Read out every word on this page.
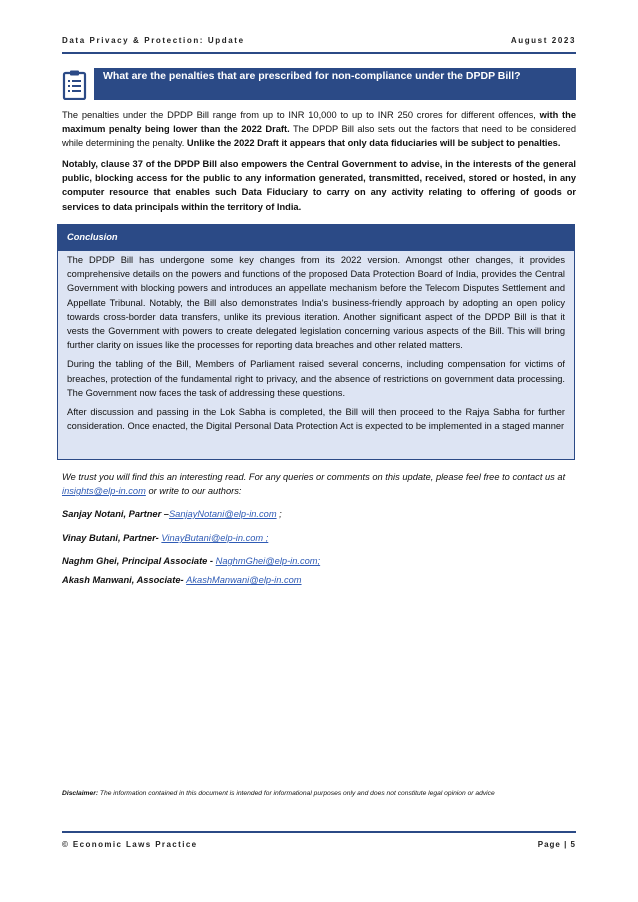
Data Privacy & Protection: Update	August 2023
What are the penalties that are prescribed for non-compliance under the DPDP Bill?
The penalties under the DPDP Bill range from up to INR 10,000 to up to INR 250 crores for different offences, with the maximum penalty being lower than the 2022 Draft. The DPDP Bill also sets out the factors that need to be considered while determining the penalty. Unlike the 2022 Draft it appears that only data fiduciaries will be subject to penalties.
Notably, clause 37 of the DPDP Bill also empowers the Central Government to advise, in the interests of the general public, blocking access for the public to any information generated, transmitted, received, stored or hosted, in any computer resource that enables such Data Fiduciary to carry on any activity relating to offering of goods or services to data principals within the territory of India.
Conclusion

The DPDP Bill has undergone some key changes from its 2022 version. Amongst other changes, it provides comprehensive details on the powers and functions of the proposed Data Protection Board of India, provides the Central Government with blocking powers and introduces an appellate mechanism before the Telecom Disputes Settlement and Appellate Tribunal. Notably, the Bill also demonstrates India's business-friendly approach by adopting an open policy towards cross-border data transfers, unlike its previous iteration. Another significant aspect of the DPDP Bill is that it vests the Government with powers to create delegated legislation concerning various aspects of the Bill. This will bring further clarity on issues like the processes for reporting data breaches and other related matters.

During the tabling of the Bill, Members of Parliament raised several concerns, including compensation for victims of breaches, protection of the fundamental right to privacy, and the absence of restrictions on government data processing. The Government now faces the task of addressing these questions.

After discussion and passing in the Lok Sabha is completed, the Bill will then proceed to the Rajya Sabha for further consideration. Once enacted, the Digital Personal Data Protection Act is expected to be implemented in a staged manner

We trust you will find this an interesting read. For any queries or comments on this update, please feel free to contact us at insights@elp-in.com or write to our authors:
Sanjay Notani, Partner –SanjayNotani@elp-in.com ;
Vinay Butani, Partner- VinayButani@elp-in.com ;
Naghm Ghei, Principal Associate - NaghmGhei@elp-in.com;
Akash Manwani, Associate- AkashManwani@elp-in.com
Disclaimer: The information contained in this document is intended for informational purposes only and does not constitute legal opinion or advice
© Economic Laws Practice	Page | 5
